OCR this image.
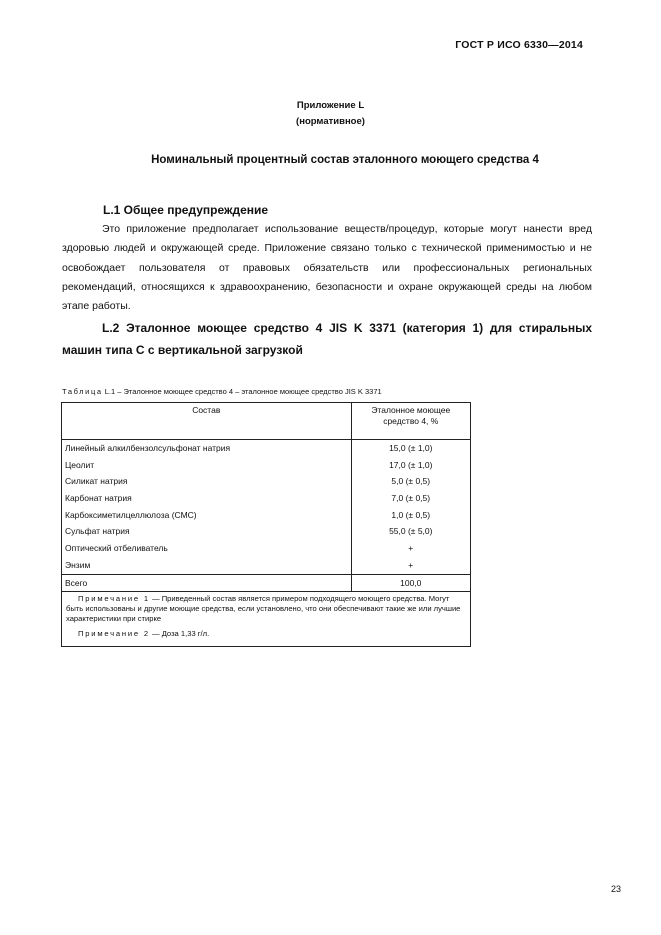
ГОСТ Р ИСО 6330—2014
Приложение L
(нормативное)
Номинальный процентный состав эталонного моющего средства 4
L.1 Общее предупреждение
Это приложение предполагает использование веществ/процедур, которые могут нанести вред здоровью людей и окружающей среде. Приложение связано только с технической применимостью и не освобождает пользователя от правовых обязательств или профессиональных региональных рекомендаций, относящихся к здравоохранению, безопасности и охране окружающей среды на любом этапе работы.
L.2 Эталонное моющее средство 4 JIS K 3371 (категория 1) для стиральных машин типа С с вертикальной загрузкой
Таблица L.1 – Эталонное моющее средство 4 – эталонное моющее средство JIS K 3371
Состав	Эталонное моющее средство 4, %
Линейный алкилбензолсульфонат натрия	15,0 (± 1,0)
Цеолит	17,0 (± 1,0)
Силикат натрия	5,0 (± 0,5)
Карбонат натрия	7,0 (± 0,5)
Карбоксиметилцеллюлоза (СМС)	1,0 (± 0,5)
Сульфат натрия	55,0 (± 5,0)
Оптический отбеливатель	+
Энзим	+
Всего	100,0

Примечание 1 — Приведенный состав является примером подходящего моющего средства. Могут быть использованы и другие моющие средства, если установлено, что они обеспечивают такие же или лучшие характеристики при стирке

Примечание 2 — Доза 1,33 г/л.	

23
